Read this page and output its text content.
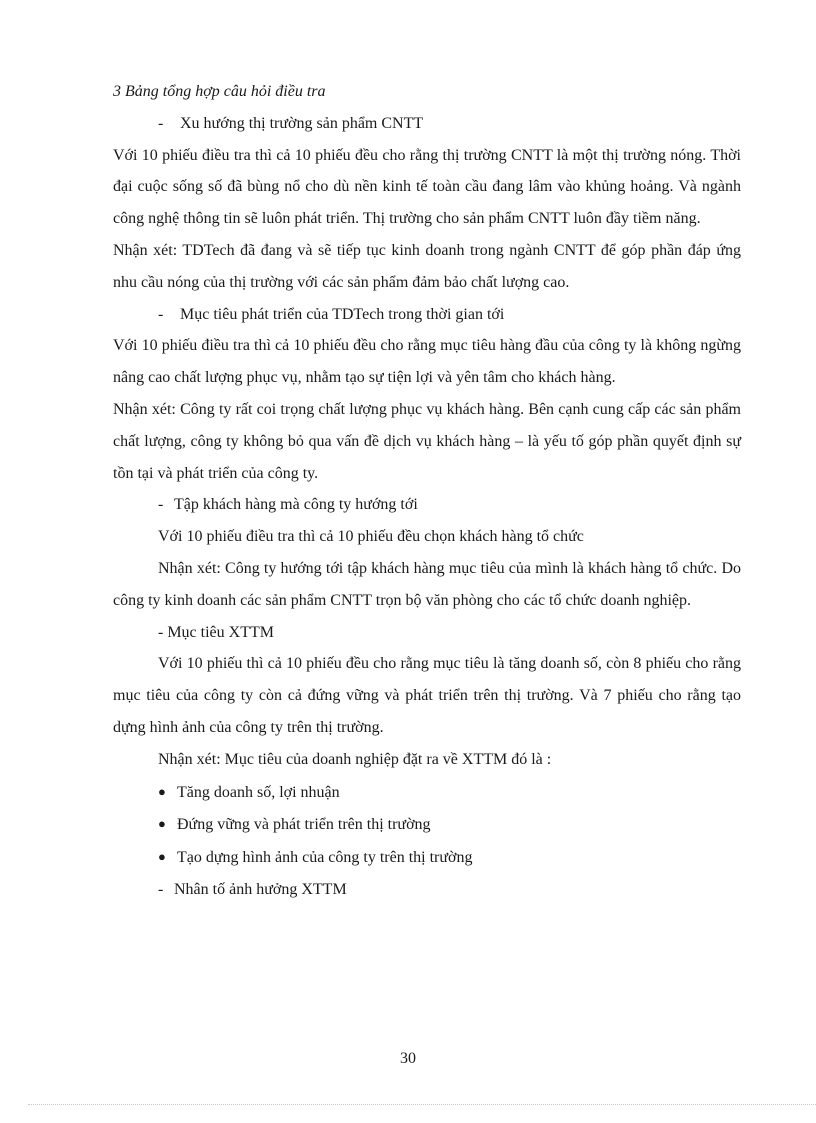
3 Bảng tổng hợp câu hỏi điều tra

- Xu hướng thị trường sản phẩm CNTT

Với 10 phiếu điều tra thì cả 10 phiếu đều cho rằng thị trường CNTT là một thị trường nóng. Thời đại cuộc sống số đã bùng nổ cho dù nền kinh tế toàn cầu đang lâm vào khủng hoảng. Và ngành công nghệ thông tin sẽ luôn phát triển. Thị trường cho sản phẩm CNTT luôn đầy tiềm năng.

Nhận xét: TDTech đã đang và sẽ tiếp tục kinh doanh trong ngành CNTT để góp phần đáp ứng nhu cầu nóng của thị trường với các sản phẩm đảm bảo chất lượng cao.

- Mục tiêu phát triển của TDTech trong thời gian tới

Với 10 phiếu điều tra thì cả 10 phiếu đều cho rằng mục tiêu hàng đầu của công ty là không ngừng nâng cao chất lượng phục vụ, nhằm tạo sự tiện lợi và yên tâm cho khách hàng.

Nhận xét: Công ty rất coi trọng chất lượng phục vụ khách hàng. Bên cạnh cung cấp các sản phẩm chất lượng, công ty không bỏ qua vấn đề dịch vụ khách hàng – là yếu tố góp phần quyết định sự tồn tại và phát triển của công ty.

- Tập khách hàng mà công ty hướng tới

Với 10 phiếu điều tra thì cả 10 phiếu đều chọn khách hàng tổ chức

Nhận xét: Công ty hướng tới tập khách hàng mục tiêu của mình là khách hàng tổ chức. Do công ty kinh doanh các sản phẩm CNTT trọn bộ văn phòng cho các tổ chức doanh nghiệp.

- Mục tiêu XTTM

Với 10 phiếu thì cả 10 phiếu đều cho rằng mục tiêu là tăng doanh số, còn 8 phiếu cho rằng mục tiêu của công ty còn cả đứng vững và phát triển trên thị trường. Và 7 phiếu cho rằng tạo dựng hình ảnh của công ty trên thị trường.

Nhận xét: Mục tiêu của doanh nghiệp đặt ra về XTTM đó là :

● Tăng doanh số, lợi nhuận

● Đứng vững và phát triển trên thị trường

● Tạo dựng hình ảnh của công ty trên thị trường

- Nhân tố ảnh hưởng XTTM

30
